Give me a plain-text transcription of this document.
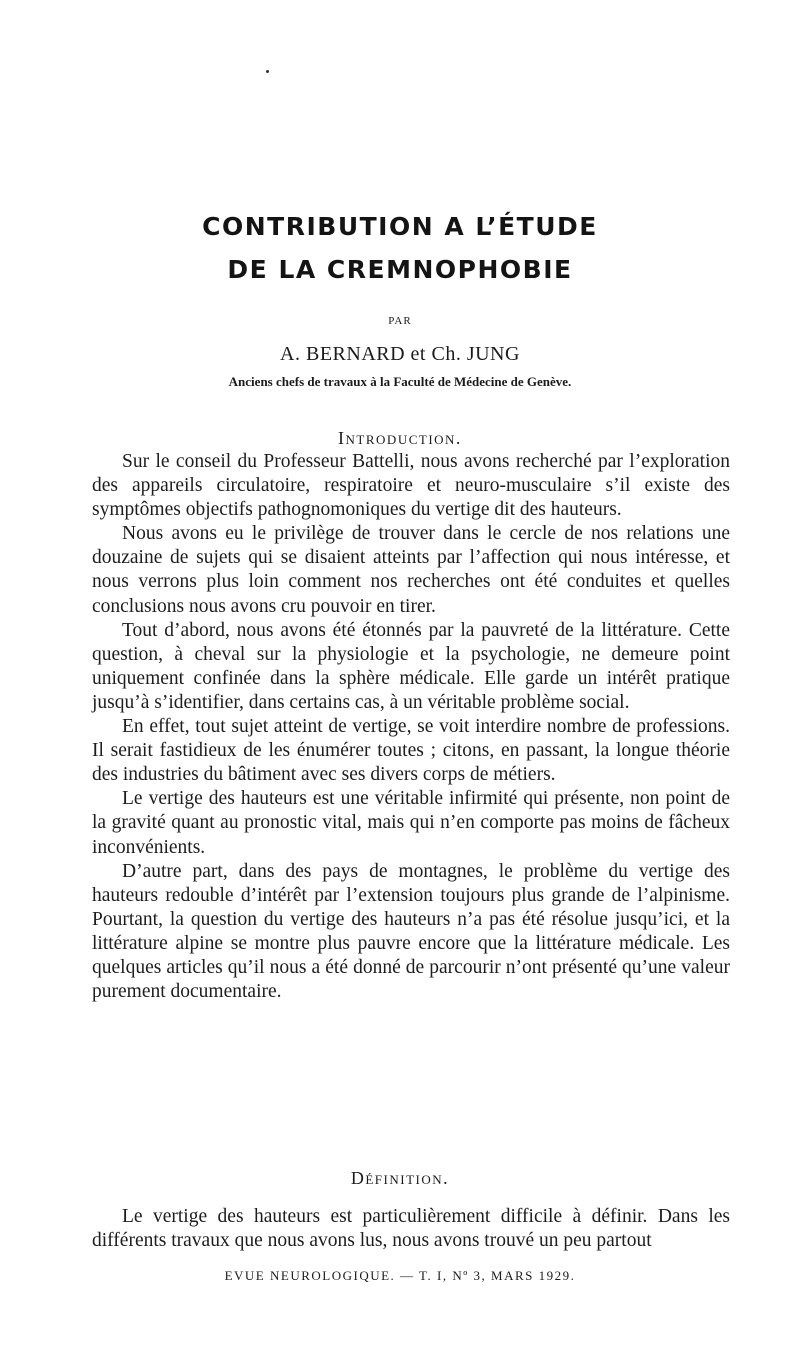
CONTRIBUTION A L’ÉTUDE
DE LA CREMNOPHOBIE
PAR
A. BERNARD et Ch. JUNG
Anciens chefs de travaux à la Faculté de Médecine de Genève.
Introduction.

Sur le conseil du Professeur Battelli, nous avons recherché par l’exploration des appareils circulatoire, respiratoire et neuro-musculaire s’il existe des symptômes objectifs pathognomoniques du vertige dit des hauteurs.

Nous avons eu le privilège de trouver dans le cercle de nos relations une douzaine de sujets qui se disaient atteints par l’affection qui nous intéresse, et nous verrons plus loin comment nos recherches ont été conduites et quelles conclusions nous avons cru pouvoir en tirer.

Tout d’abord, nous avons été étonnés par la pauvreté de la littérature. Cette question, à cheval sur la physiologie et la psychologie, ne demeure point uniquement confinée dans la sphère médicale. Elle garde un intérêt pratique jusqu’à s’identifier, dans certains cas, à un véritable problème social.

En effet, tout sujet atteint de vertige, se voit interdire nombre de professions. Il serait fastidieux de les énumérer toutes ; citons, en passant, la longue théorie des industries du bâtiment avec ses divers corps de métiers.

Le vertige des hauteurs est une véritable infirmité qui présente, non point de la gravité quant au pronostic vital, mais qui n’en comporte pas moins de fâcheux inconvénients.

D’autre part, dans des pays de montagnes, le problème du vertige des hauteurs redouble d’intérêt par l’extension toujours plus grande de l’alpinisme. Pourtant, la question du vertige des hauteurs n’a pas été résolue jusqu’ici, et la littérature alpine se montre plus pauvre encore que la littérature médicale. Les quelques articles qu’il nous a été donné de parcourir n’ont présenté qu’une valeur purement documentaire.

Définition.

Le vertige des hauteurs est particulièrement difficile à définir. Dans les différents travaux que nous avons lus, nous avons trouvé un peu partout

EVUE NEUROLOGIQUE. — T. I, Nº 3, MARS 1929.
